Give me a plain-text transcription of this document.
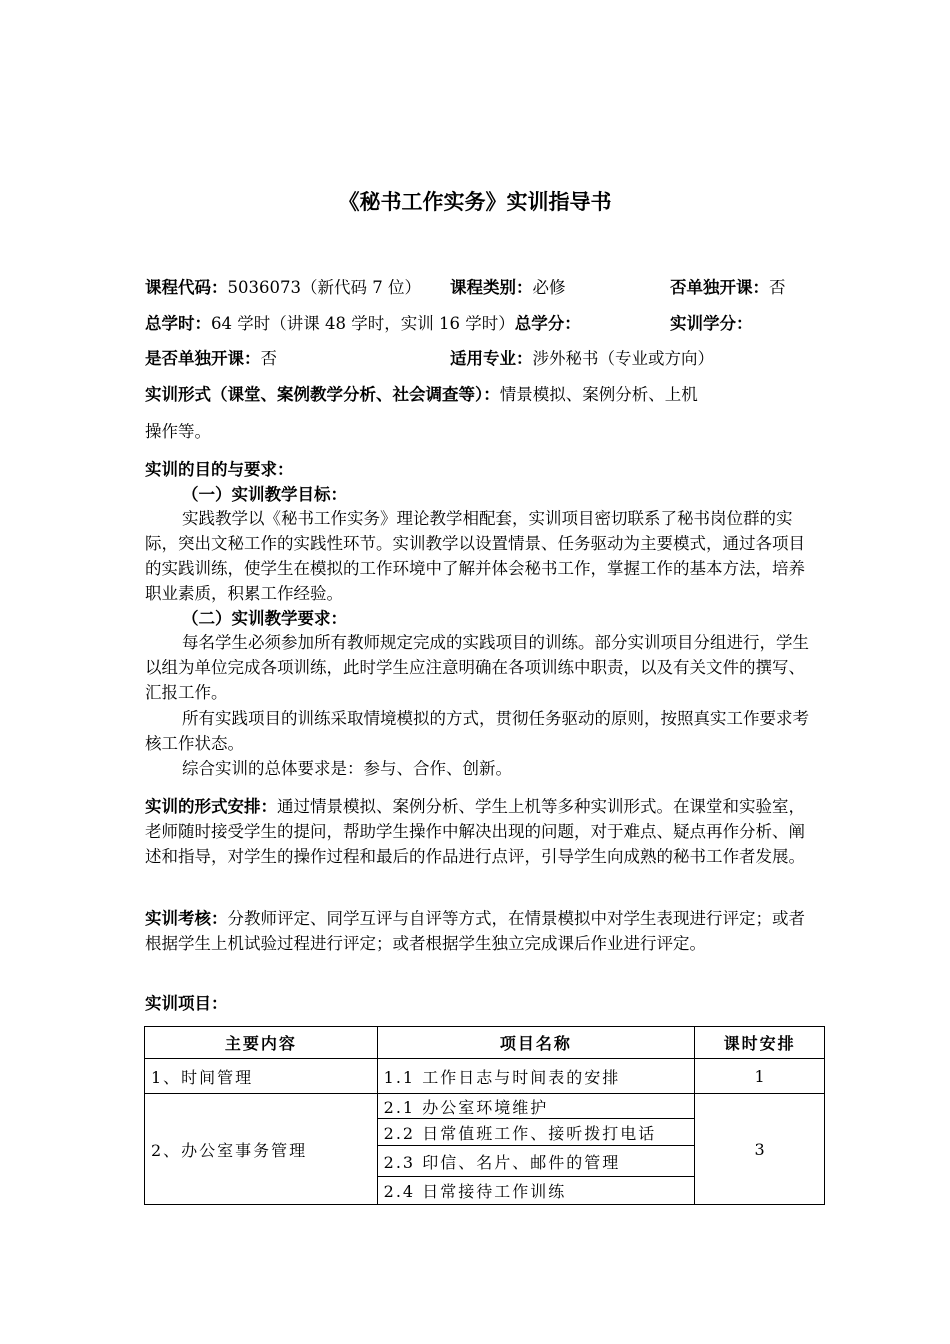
《秘书工作实务》实训指导书
课程代码：5036073（新代码 7 位） 课程类别：必修	否单独开课：否
总学时：64 学时（讲课 48 学时，实训 16 学时）总学分：	实训学分：
是否单独开课：否	适用专业：涉外秘书（专业或方向）
实训形式（课堂、案例教学分析、社会调查等）：情景模拟、案例分析、上机
操作等。
实训的目的与要求：
（一）实训教学目标：
实践教学以《秘书工作实务》理论教学相配套，实训项目密切联系了秘书岗位群的实际，突出文秘工作的实践性环节。实训教学以设置情景、任务驱动为主要模式，通过各项目的实践训练，使学生在模拟的工作环境中了解并体会秘书工作，掌握工作的基本方法，培养职业素质，积累工作经验。
（二）实训教学要求：
每名学生必须参加所有教师规定完成的实践项目的训练。部分实训项目分组进行，学生以组为单位完成各项训练，此时学生应注意明确在各项训练中职责，以及有关文件的撰写、汇报工作。
所有实践项目的训练采取情境模拟的方式，贯彻任务驱动的原则，按照真实工作要求考核工作状态。
综合实训的总体要求是：参与、合作、创新。
实训的形式安排：通过情景模拟、案例分析、学生上机等多种实训形式。在课堂和实验室，老师随时接受学生的提问，帮助学生操作中解决出现的问题，对于难点、疑点再作分析、阐述和指导，对学生的操作过程和最后的作品进行点评，引导学生向成熟的秘书工作者发展。
实训考核：分教师评定、同学互评与自评等方式，在情景模拟中对学生表现进行评定；或者根据学生上机试验过程进行评定；或者根据学生独立完成课后作业进行评定。
实训项目：
主要内容	项目名称	课时安排
1、时间管理	1.1 工作日志与时间表的安排	1
2、办公室事务管理	2.1 办公室环境维护	3
	2.2 日常值班工作、接听拨打电话	
	2.3 印信、名片、邮件的管理	
	2.4 日常接待工作训练	
